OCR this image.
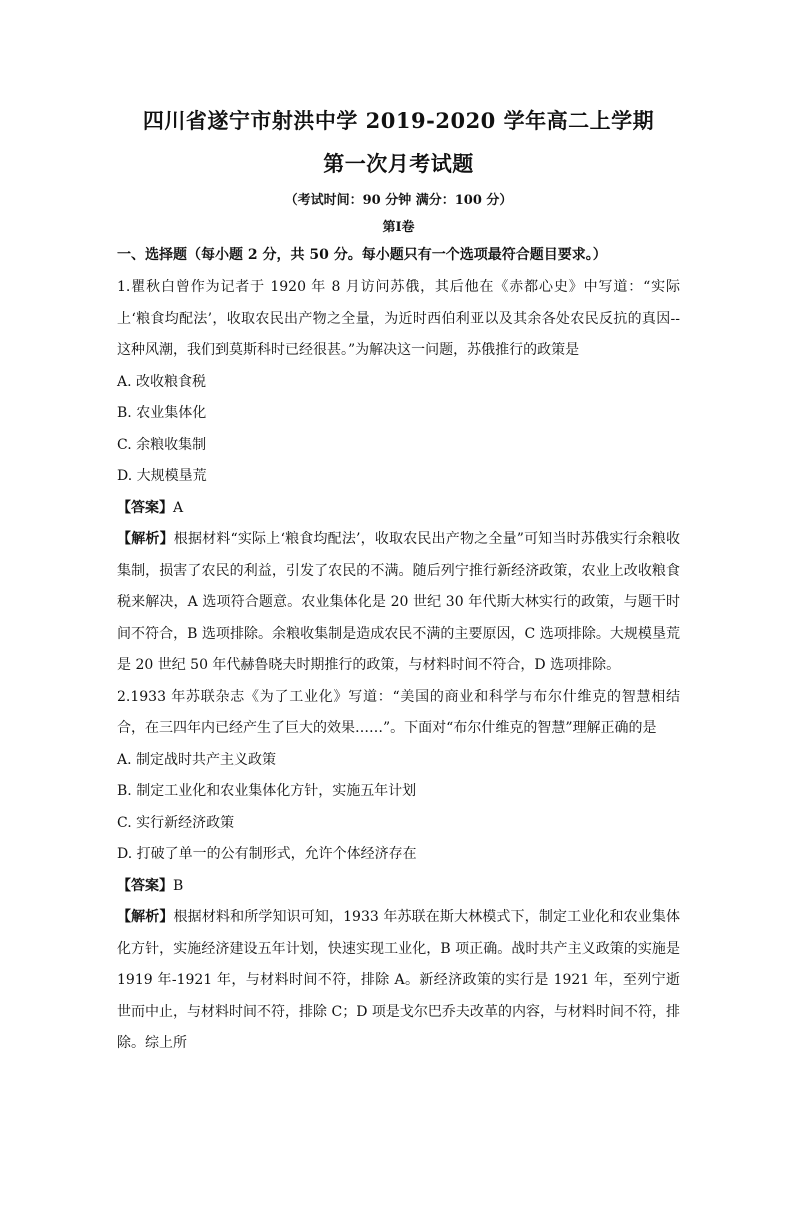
四川省遂宁市射洪中学 2019-2020 学年高二上学期
第一次月考试题
（考试时间：90 分钟 满分：100 分）
第Ⅰ卷
一、选择题（每小题 2 分，共 50 分。每小题只有一个选项最符合题目要求。）

1.瞿秋白曾作为记者于 1920 年 8 月访问苏俄，其后他在《赤都心史》中写道：“实际上‘粮食均配法’，收取农民出产物之全量，为近时西伯利亚以及其余各处农民反抗的真因--这种风潮，我们到莫斯科时已经很甚。”为解决这一问题，苏俄推行的政策是

A. 改收粮食税

B. 农业集体化

C. 余粮收集制

D. 大规模垦荒

【答案】A

【解析】根据材料“实际上‘粮食均配法’，收取农民出产物之全量”可知当时苏俄实行余粮收集制，损害了农民的利益，引发了农民的不满。随后列宁推行新经济政策，农业上改收粮食税来解决，A 选项符合题意。农业集体化是 20 世纪 30 年代斯大林实行的政策，与题干时间不符合，B 选项排除。余粮收集制是造成农民不满的主要原因，C 选项排除。大规模垦荒是 20 世纪 50 年代赫鲁晓夫时期推行的政策，与材料时间不符合，D 选项排除。

2.1933 年苏联杂志《为了工业化》写道：“美国的商业和科学与布尔什维克的智慧相结合，在三四年内已经产生了巨大的效果……”。下面对“布尔什维克的智慧”理解正确的是

A. 制定战时共产主义政策

B. 制定工业化和农业集体化方针，实施五年计划

C. 实行新经济政策

D. 打破了单一的公有制形式，允许个体经济存在

【答案】B

【解析】根据材料和所学知识可知，1933 年苏联在斯大林模式下，制定工业化和农业集体化方针，实施经济建设五年计划，快速实现工业化，B 项正确。战时共产主义政策的实施是 1919 年-1921 年，与材料时间不符，排除 A。新经济政策的实行是 1921 年，至列宁逝世而中止，与材料时间不符，排除 C；D 项是戈尔巴乔夫改革的内容，与材料时间不符，排除。综上所
